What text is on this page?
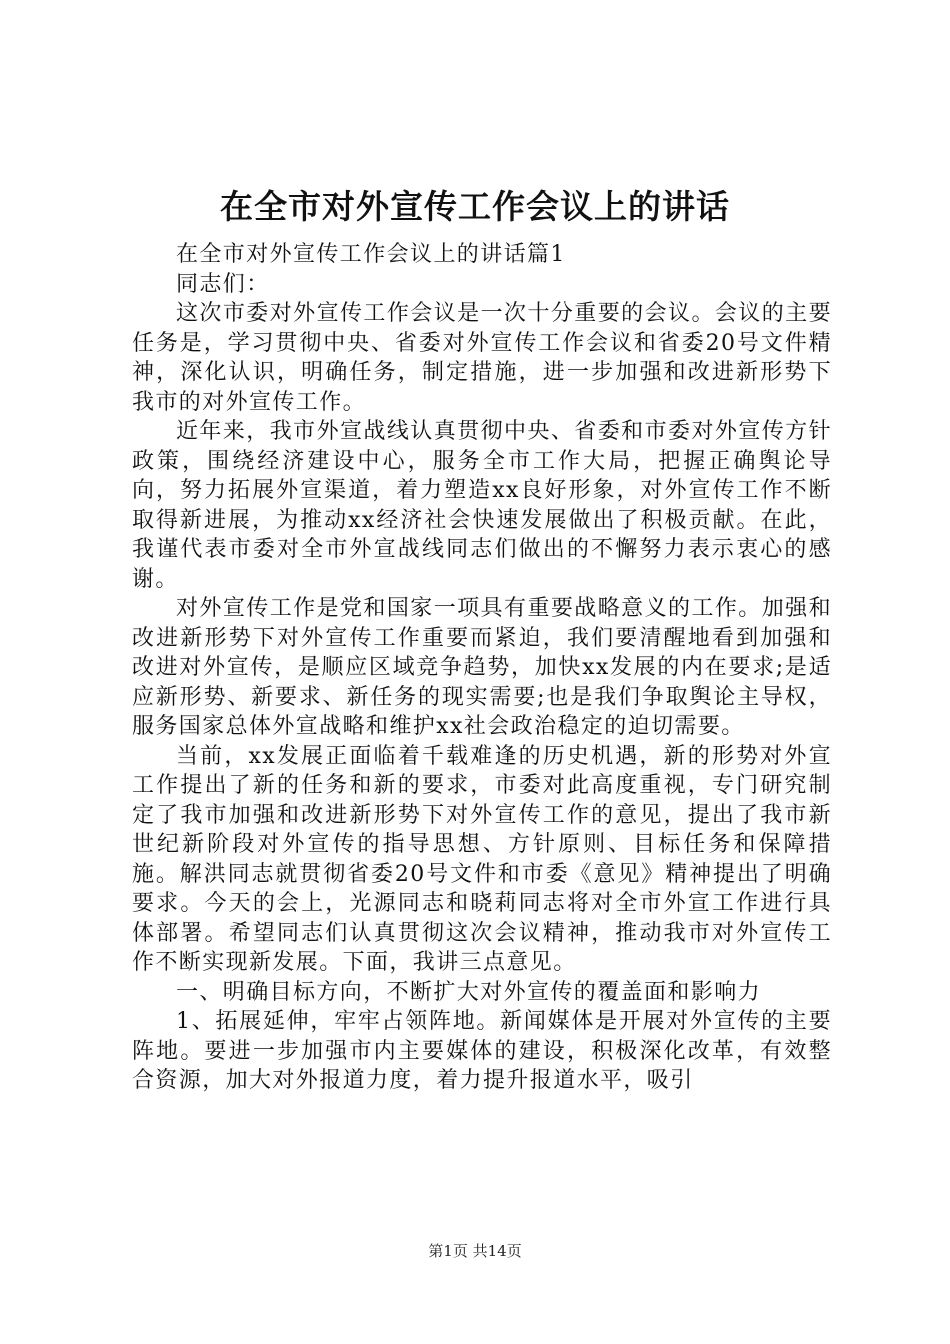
在全市对外宣传工作会议上的讲话

在全市对外宣传工作会议上的讲话篇1

同志们：

这次市委对外宣传工作会议是一次十分重要的会议。会议的主要任务是，学习贯彻中央、省委对外宣传工作会议和省委20号文件精神，深化认识，明确任务，制定措施，进一步加强和改进新形势下我市的对外宣传工作。

近年来，我市外宣战线认真贯彻中央、省委和市委对外宣传方针政策，围绕经济建设中心，服务全市工作大局，把握正确舆论导向，努力拓展外宣渠道，着力塑造xx良好形象，对外宣传工作不断取得新进展，为推动xx经济社会快速发展做出了积极贡献。在此，我谨代表市委对全市外宣战线同志们做出的不懈努力表示衷心的感谢。

对外宣传工作是党和国家一项具有重要战略意义的工作。加强和改进新形势下对外宣传工作重要而紧迫，我们要清醒地看到加强和改进对外宣传，是顺应区域竞争趋势，加快xx发展的内在要求;是适应新形势、新要求、新任务的现实需要;也是我们争取舆论主导权，服务国家总体外宣战略和维护xx社会政治稳定的迫切需要。

当前，xx发展正面临着千载难逢的历史机遇，新的形势对外宣工作提出了新的任务和新的要求，市委对此高度重视，专门研究制定了我市加强和改进新形势下对外宣传工作的意见，提出了我市新世纪新阶段对外宣传的指导思想、方针原则、目标任务和保障措施。解洪同志就贯彻省委20号文件和市委《意见》精神提出了明确要求。今天的会上，光源同志和晓莉同志将对全市外宣工作进行具体部署。希望同志们认真贯彻这次会议精神，推动我市对外宣传工作不断实现新发展。下面，我讲三点意见。

一、明确目标方向，不断扩大对外宣传的覆盖面和影响力

1、拓展延伸，牢牢占领阵地。新闻媒体是开展对外宣传的主要阵地。要进一步加强市内主要媒体的建设，积极深化改革，有效整合资源，加大对外报道力度，着力提升报道水平，吸引

第1页 共14页
